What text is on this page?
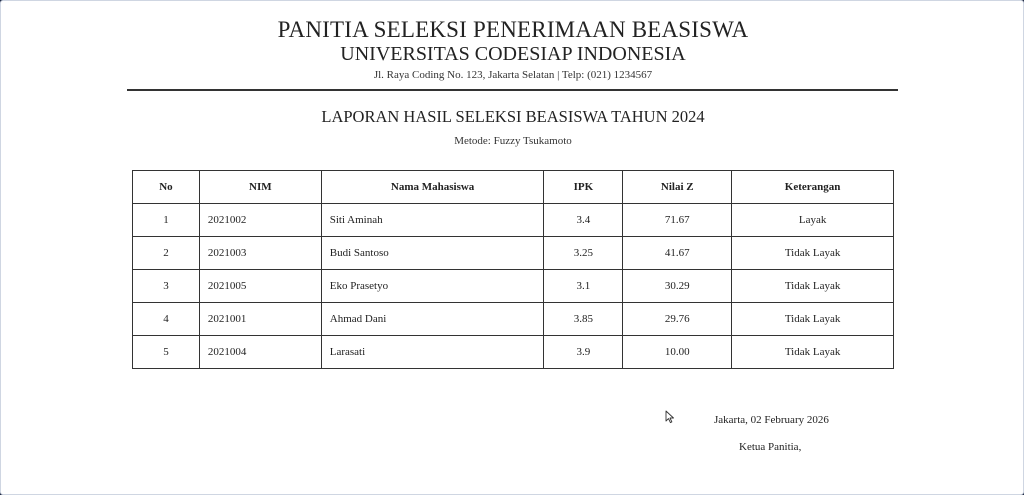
PANITIA SELEKSI PENERIMAAN BEASISWA
UNIVERSITAS CODESIAP INDONESIA
Jl. Raya Coding No. 123, Jakarta Selatan | Telp: (021) 1234567
LAPORAN HASIL SELEKSI BEASISWA TAHUN 2024
Metode: Fuzzy Tsukamoto
No	NIM	Nama Mahasiswa	IPK	Nilai Z	Keterangan
1	2021002	Siti Aminah	3.4	71.67	Layak
2	2021003	Budi Santoso	3.25	41.67	Tidak Layak
3	2021005	Eko Prasetyo	3.1	30.29	Tidak Layak
4	2021001	Ahmad Dani	3.85	29.76	Tidak Layak
5	2021004	Larasati	3.9	10.00	Tidak Layak
Jakarta, 02 February 2026
Ketua Panitia,
